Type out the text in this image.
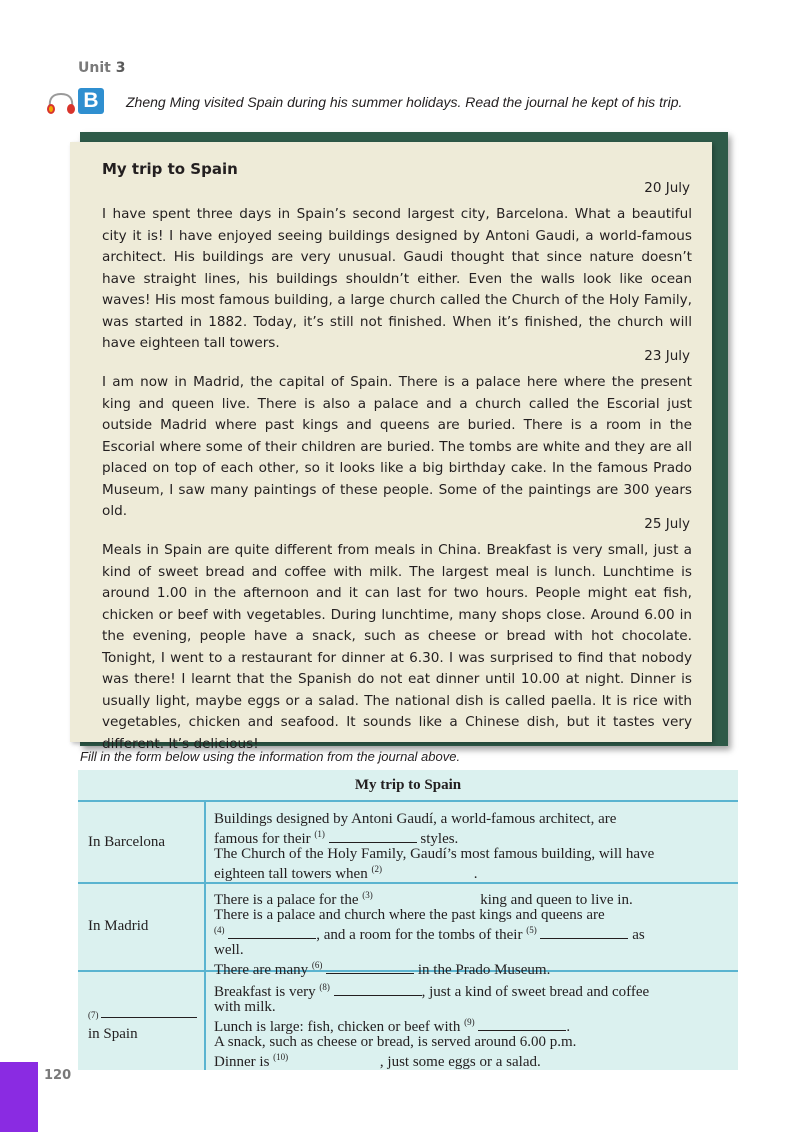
Unit 3
B	Zheng Ming visited Spain during his summer holidays. Read the journal he kept of his trip.
My trip to Spain
20 July

I have spent three days in Spain’s second largest city, Barcelona. What a beautiful city it is! I have enjoyed seeing buildings designed by Antoni Gaudi, a world-famous architect. His buildings are very unusual. Gaudi thought that since nature doesn’t have straight lines, his buildings shouldn’t either. Even the walls look like ocean waves! His most famous building, a large church called the Church of the Holy Family, was started in 1882. Today, it’s still not finished. When it’s finished, the church will have eighteen tall towers.

23 July

I am now in Madrid, the capital of Spain. There is a palace here where the present king and queen live. There is also a palace and a church called the Escorial just outside Madrid where past kings and queens are buried. There is a room in the Escorial where some of their children are buried. The tombs are white and they are all placed on top of each other, so it looks like a big birthday cake. In the famous Prado Museum, I saw many paintings of these people. Some of the paintings are 300 years old.

25 July

Meals in Spain are quite different from meals in China. Breakfast is very small, just a kind of sweet bread and coffee with milk. The largest meal is lunch. Lunchtime is around 1.00 in the afternoon and it can last for two hours. People might eat fish, chicken or beef with vegetables. During lunchtime, many shops close. Around 6.00 in the evening, people have a snack, such as cheese or bread with hot chocolate. Tonight, I went to a restaurant for dinner at 6.30. I was surprised to find that nobody was there! I learnt that the Spanish do not eat dinner until 10.00 at night. Dinner is usually light, maybe eggs or a salad. The national dish is called paella. It is rice with vegetables, chicken and seafood. It sounds like a Chinese dish, but it tastes very different. It’s delicious!

Fill in the form below using the information from the journal above.
My trip to Spain
In Barcelona

Buildings designed by Antoni Gaudí, a world-famous architect, are

famous for their $^{(1)}$	styles.

The Church of the Holy Family, Gaudí’s most famous building, will have

eighteen tall towers when $^{(2)}$	.

In Madrid

There is a palace for the $^{(3)}$	king and queen to live in.

There is a palace and church where the past kings and queens are

$^{(4)}$	, and a room for the tombs of their $^{(5)}$	as

well.

There are many $^{(6)}$	in the Prado Museum.

(7)
in Spain

Breakfast is very $^{(8)}$	, just a kind of sweet bread and coffee

with milk.

Lunch is large: fish, chicken or beef with $^{(9)}$	.

A snack, such as cheese or bread, is served around 6.00 p.m.

Dinner is $^{(10)}$	, just some eggs or a salad.

120
